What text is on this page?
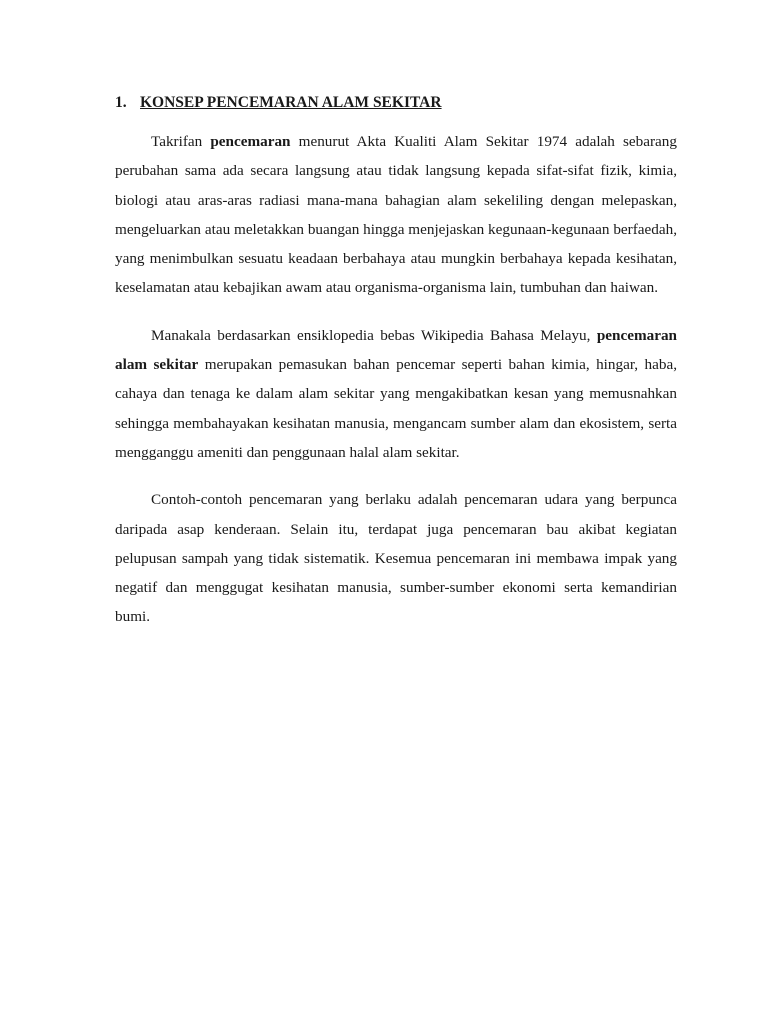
1. KONSEP PENCEMARAN ALAM SEKITAR

Takrifan pencemaran menurut Akta Kualiti Alam Sekitar 1974 adalah sebarang perubahan sama ada secara langsung atau tidak langsung kepada sifat-sifat fizik, kimia, biologi atau aras-aras radiasi mana-mana bahagian alam sekeliling dengan melepaskan, mengeluarkan atau meletakkan buangan hingga menjejaskan kegunaan-kegunaan berfaedah, yang menimbulkan sesuatu keadaan berbahaya atau mungkin berbahaya kepada kesihatan, keselamatan atau kebajikan awam atau organisma-organisma lain, tumbuhan dan haiwan.

Manakala berdasarkan ensiklopedia bebas Wikipedia Bahasa Melayu, pencemaran alam sekitar merupakan pemasukan bahan pencemar seperti bahan kimia, hingar, haba, cahaya dan tenaga ke dalam alam sekitar yang mengakibatkan kesan yang memusnahkan sehingga membahayakan kesihatan manusia, mengancam sumber alam dan ekosistem, serta mengganggu ameniti dan penggunaan halal alam sekitar.

Contoh-contoh pencemaran yang berlaku adalah pencemaran udara yang berpunca daripada asap kenderaan. Selain itu, terdapat juga pencemaran bau akibat kegiatan pelupusan sampah yang tidak sistematik. Kesemua pencemaran ini membawa impak yang negatif dan menggugat kesihatan manusia, sumber-sumber ekonomi serta kemandirian bumi.
